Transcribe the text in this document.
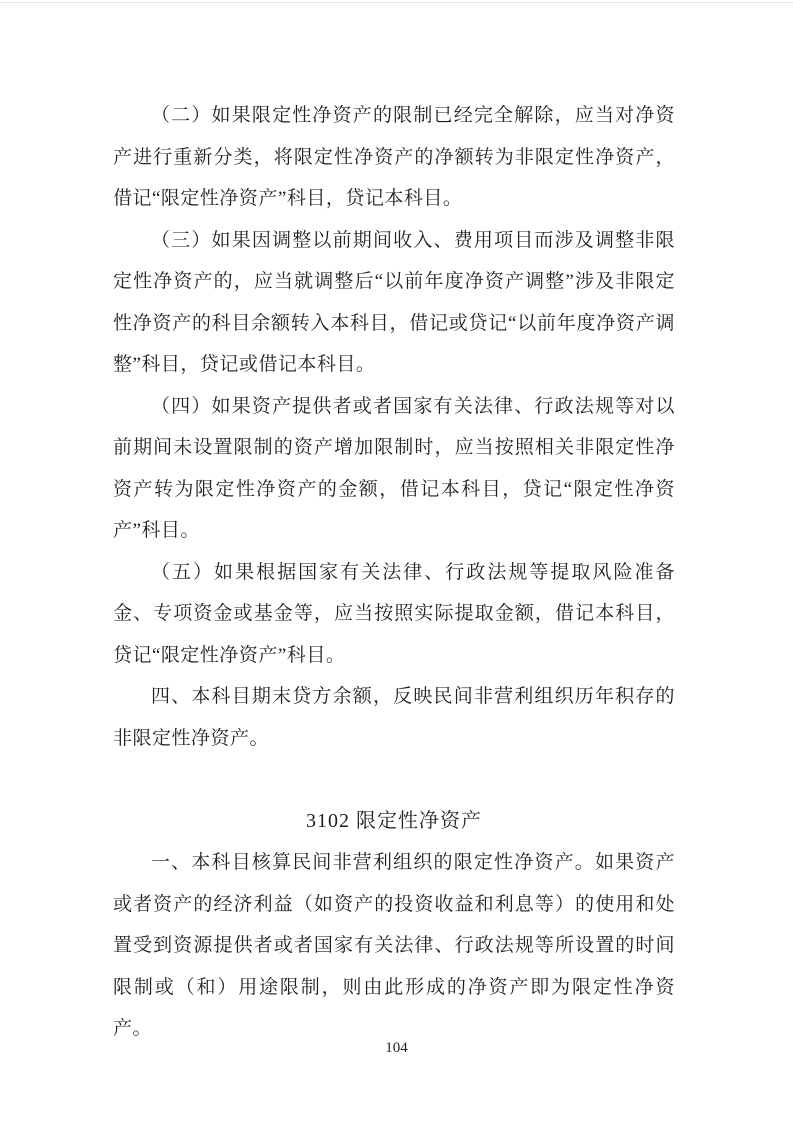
（二）如果限定性净资产的限制已经完全解除，应当对净资产进行重新分类，将限定性净资产的净额转为非限定性净资产，借记“限定性净资产”科目，贷记本科目。

（三）如果因调整以前期间收入、费用项目而涉及调整非限定性净资产的，应当就调整后“以前年度净资产调整”涉及非限定性净资产的科目余额转入本科目，借记或贷记“以前年度净资产调整”科目，贷记或借记本科目。

（四）如果资产提供者或者国家有关法律、行政法规等对以前期间未设置限制的资产增加限制时，应当按照相关非限定性净资产转为限定性净资产的金额，借记本科目，贷记“限定性净资产”科目。

（五）如果根据国家有关法律、行政法规等提取风险准备金、专项资金或基金等，应当按照实际提取金额，借记本科目，贷记“限定性净资产”科目。

四、本科目期末贷方余额，反映民间非营利组织历年积存的非限定性净资产。

3102 限定性净资产

一、本科目核算民间非营利组织的限定性净资产。如果资产或者资产的经济利益（如资产的投资收益和利息等）的使用和处置受到资源提供者或者国家有关法律、行政法规等所设置的时间限制或（和）用途限制，则由此形成的净资产即为限定性净资产。

104
